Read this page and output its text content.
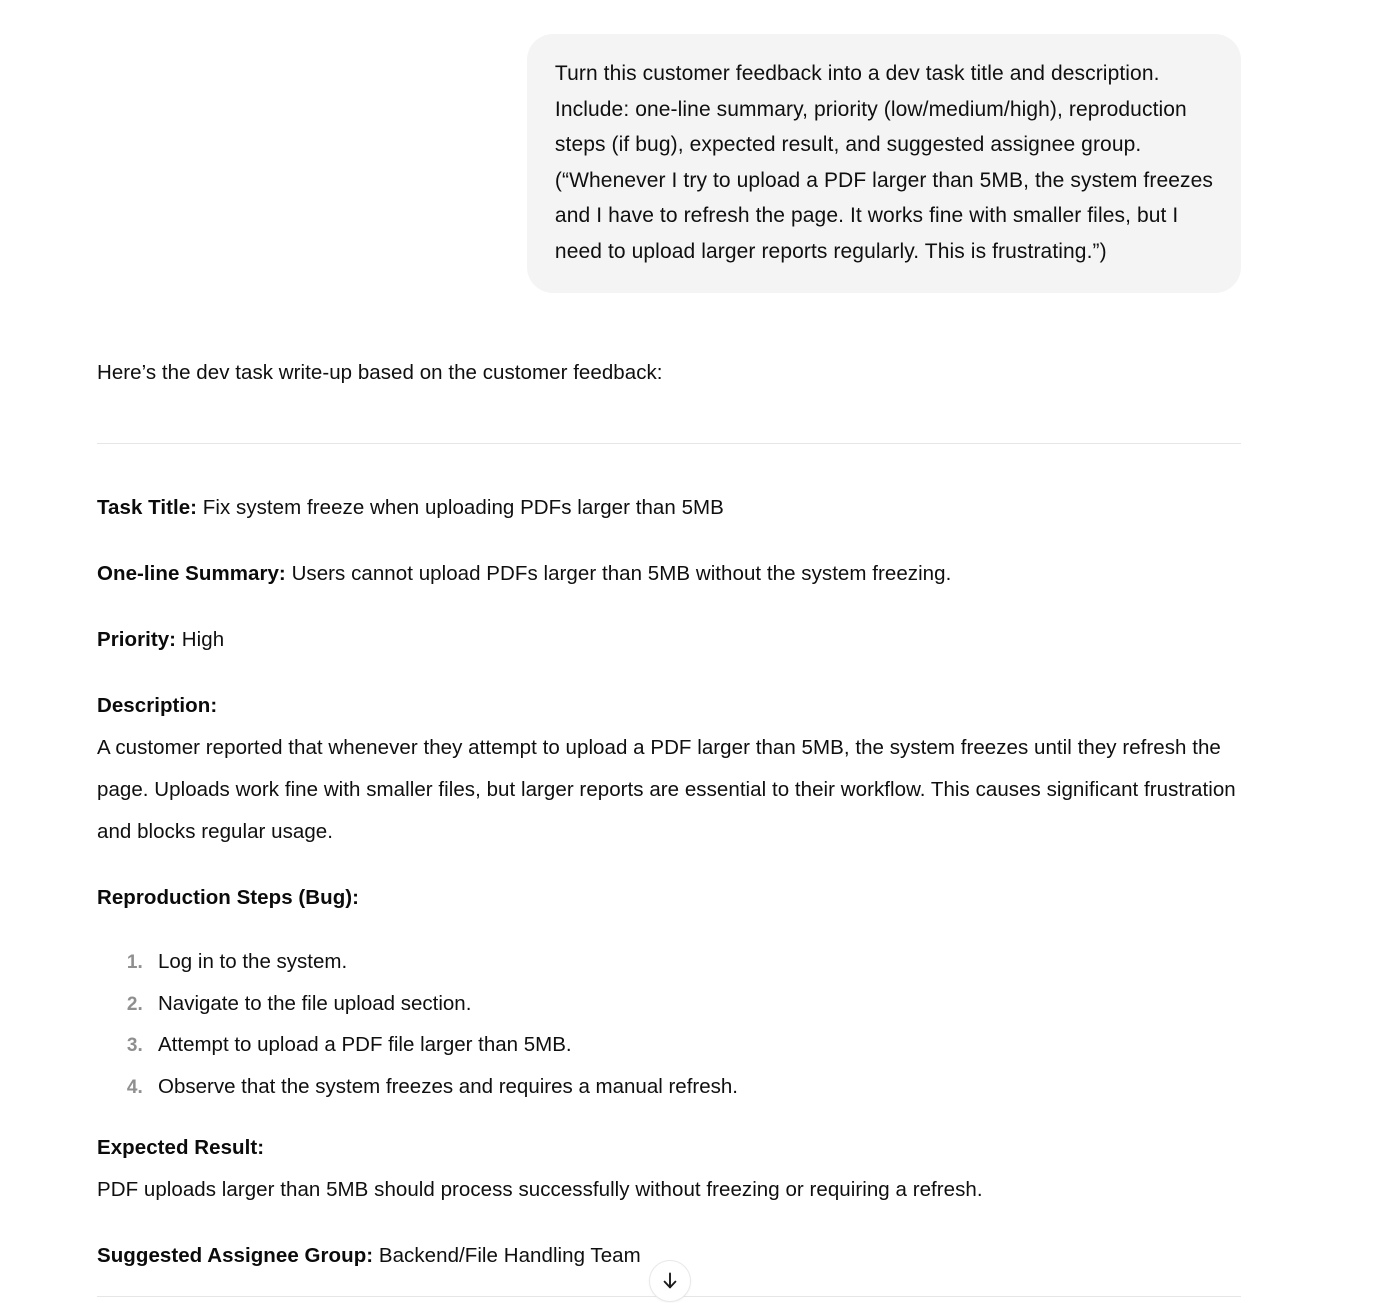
Turn this customer feedback into a dev task title and description.

Include: one-line summary, priority (low/medium/high), reproduction

steps (if bug), expected result, and suggested assignee group.

(“Whenever I try to upload a PDF larger than 5MB, the system freezes

and I have to refresh the page. It works fine with smaller files, but I

need to upload larger reports regularly. This is frustrating.”)

Here’s the dev task write-up based on the customer feedback:

Task Title: Fix system freeze when uploading PDFs larger than 5MB

One-line Summary: Users cannot upload PDFs larger than 5MB without the system freezing.

Priority: High

Description:

A customer reported that whenever they attempt to upload a PDF larger than 5MB, the system freezes until they refresh the page. Uploads work fine with smaller files, but larger reports are essential to their workflow. This causes significant frustration and blocks regular usage.

Reproduction Steps (Bug):

1. Log in to the system.
2. Navigate to the file upload section.
3. Attempt to upload a PDF file larger than 5MB.
4. Observe that the system freezes and requires a manual refresh.

Expected Result:

PDF uploads larger than 5MB should process successfully without freezing or requiring a refresh.

Suggested Assignee Group: Backend/File Handling Team
